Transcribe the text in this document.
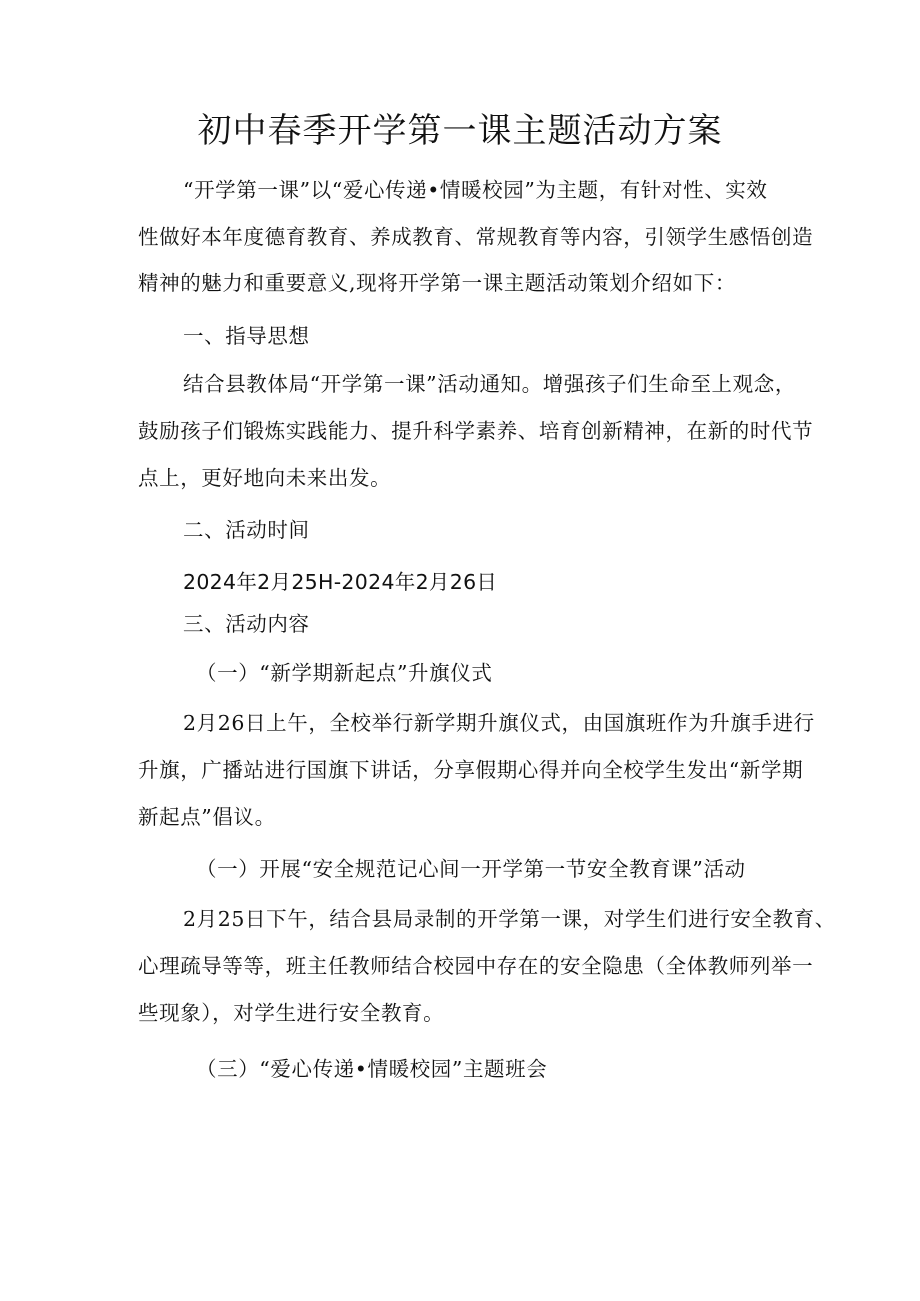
初中春季开学第一课主题活动方案
“开学第一课”以“爱心传递•情暖校园”为主题，有针对性、实效
性做好本年度德育教育、养成教育、常规教育等内容，引领学生感悟创造
精神的魅力和重要意义,现将开学第一课主题活动策划介绍如下：
一、指导思想
结合县教体局“开学第一课”活动通知。增强孩子们生命至上观念，
鼓励孩子们锻炼实践能力、提升科学素养、培育创新精神，在新的时代节
点上，更好地向未来出发。
二、活动时间
2024年2月25H-2024年2月26日
三、活动内容
（一）“新学期新起点”升旗仪式
2月26日上午，全校举行新学期升旗仪式，由国旗班作为升旗手进行
升旗，广播站进行国旗下讲话，分享假期心得并向全校学生发出“新学期
新起点”倡议。
（一）开展“安全规范记心间一开学第一节安全教育课”活动
2月25日下午，结合县局录制的开学第一课，对学生们进行安全教育、
心理疏导等等，班主任教师结合校园中存在的安全隐患（全体教师列举一
些现象），对学生进行安全教育。
（三）“爱心传递•情暖校园”主题班会
